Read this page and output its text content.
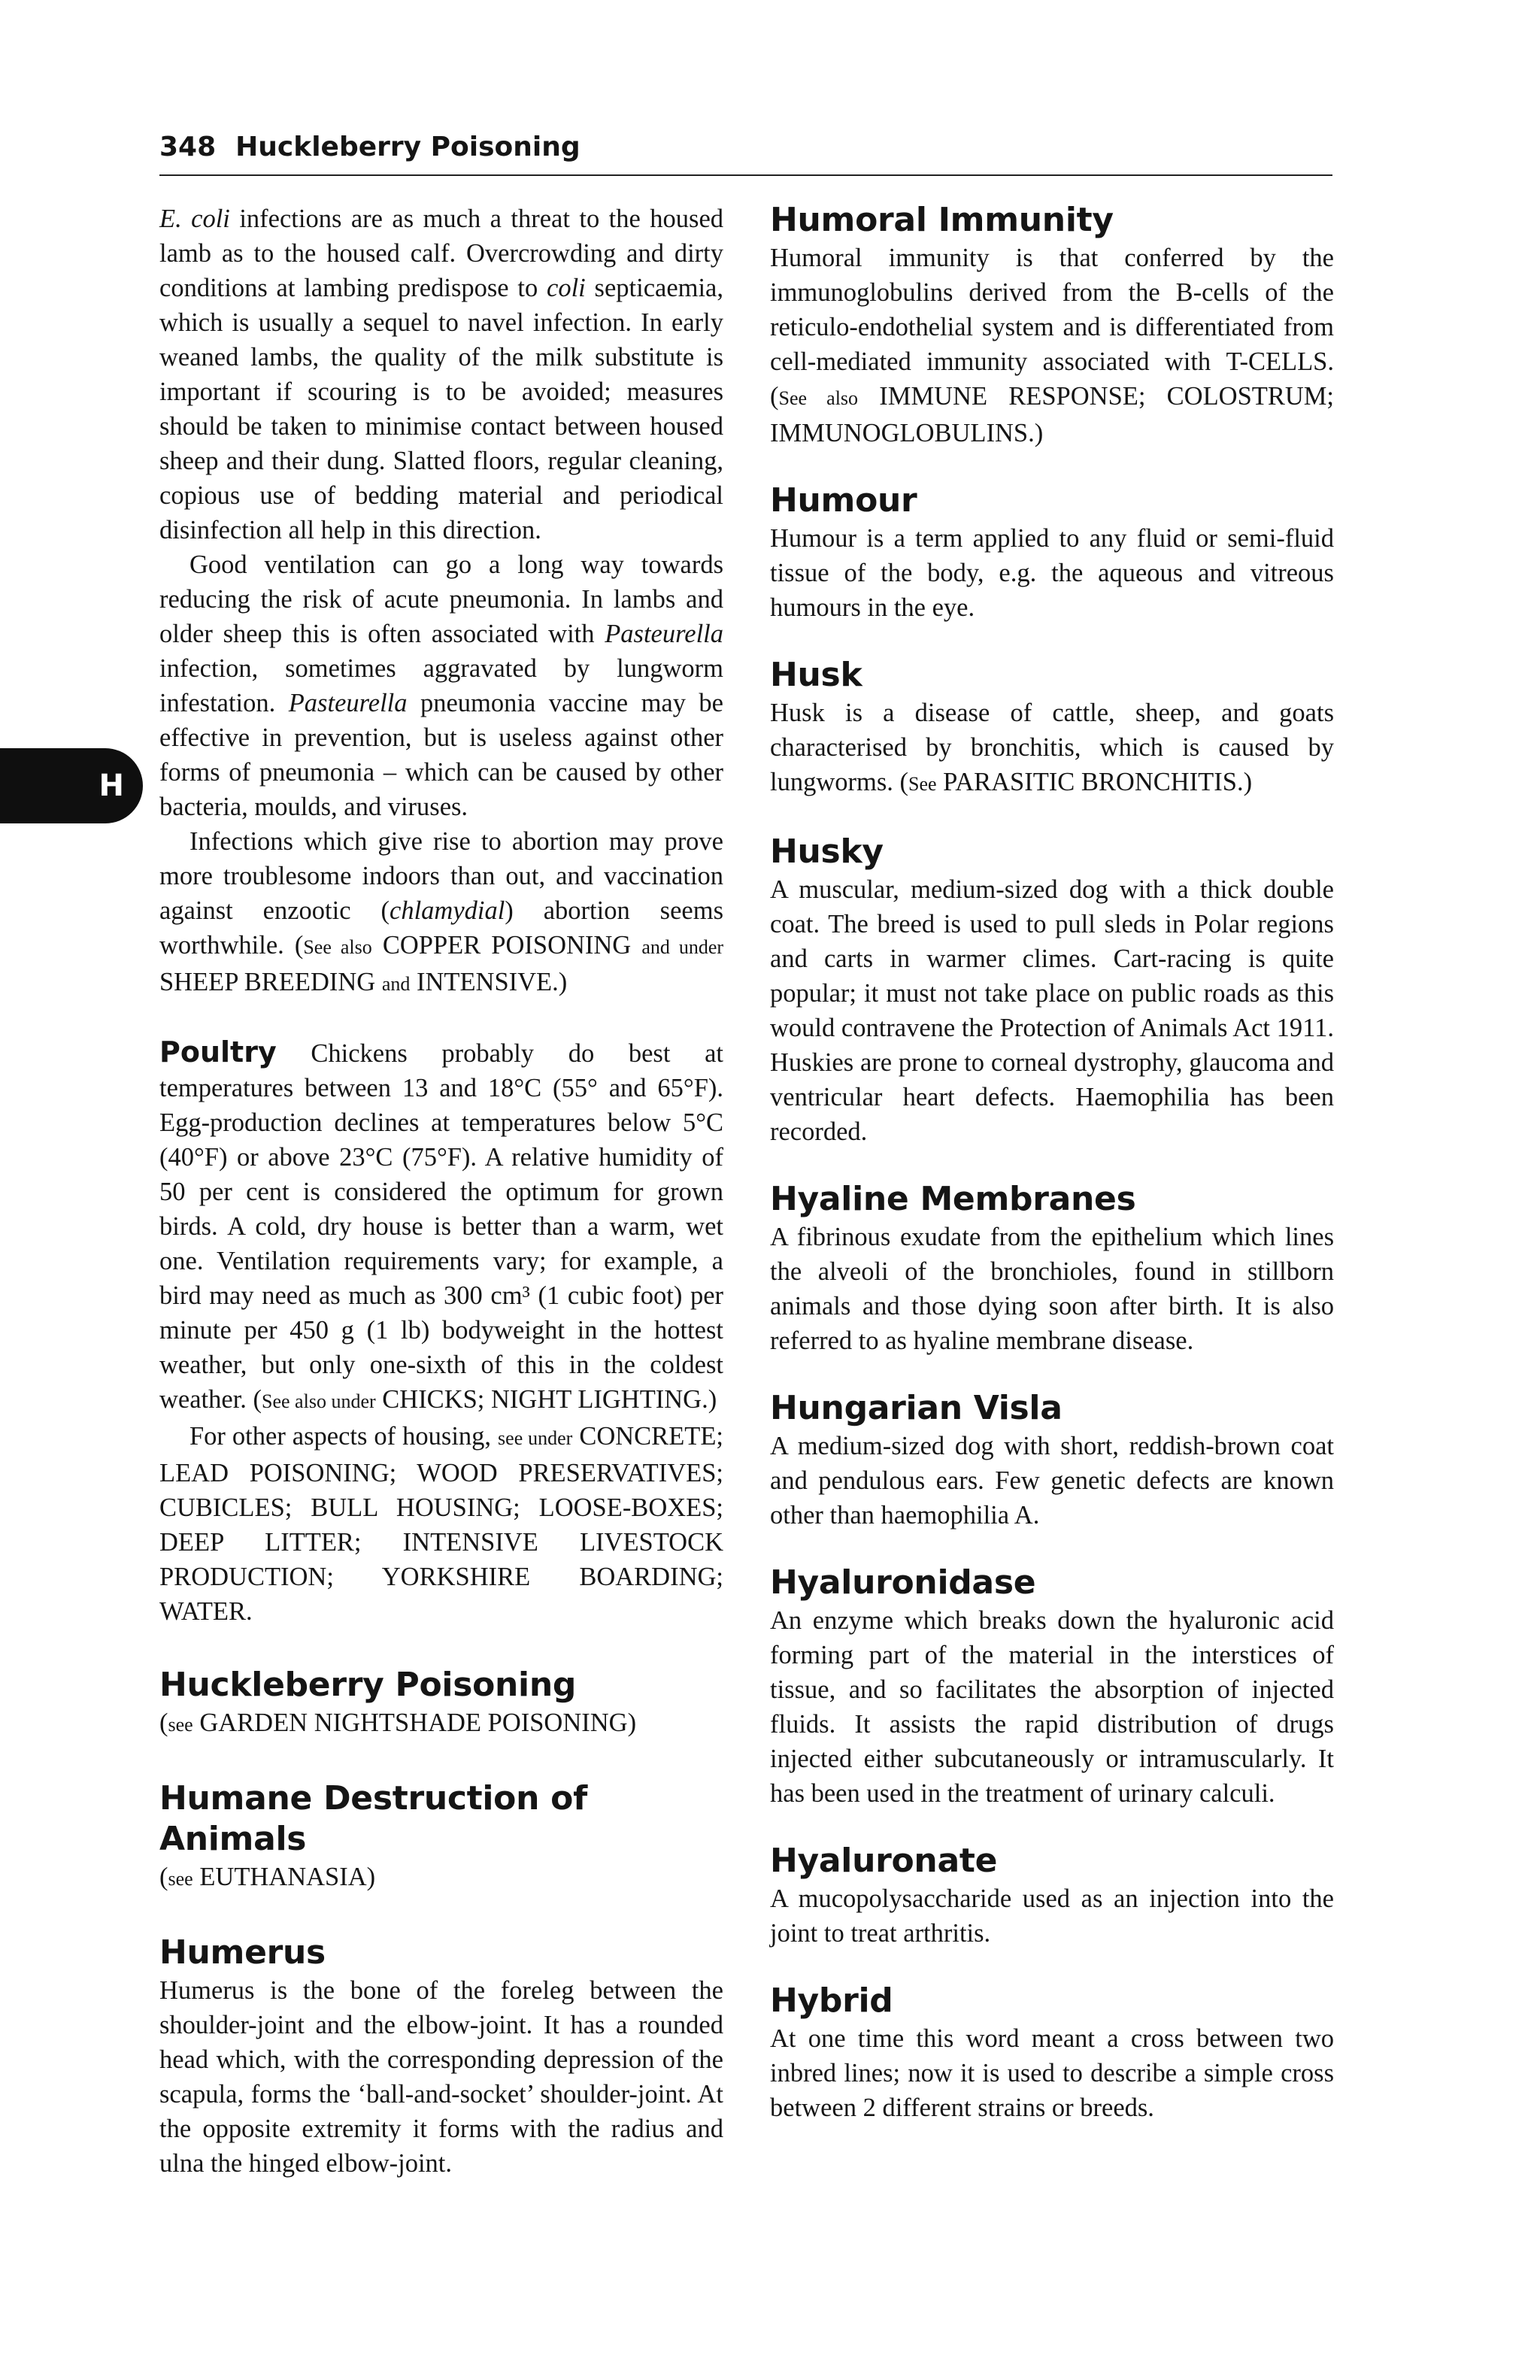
348 Huckleberry Poisoning
H

E. coli infections are as much a threat to the housed lamb as to the housed calf. Overcrowding and dirty conditions at lambing predispose to coli septicaemia, which is usually a sequel to navel infection. In early weaned lambs, the quality of the milk substitute is important if scouring is to be avoided; measures should be taken to minimise contact between housed sheep and their dung. Slatted floors, regular cleaning, copious use of bedding material and periodical disinfection all help in this direction.

Good ventilation can go a long way towards reducing the risk of acute pneumonia. In lambs and older sheep this is often associated with Pasteurella infection, sometimes aggravated by lungworm infestation. Pasteurella pneumonia vaccine may be effective in prevention, but is useless against other forms of pneumonia – which can be caused by other bacteria, moulds, and viruses.

Infections which give rise to abortion may prove more troublesome indoors than out, and vaccination against enzootic (chlamydial) abortion seems worthwhile. (See also COPPER POISONING and under SHEEP BREEDING and INTENSIVE.)

Poultry Chickens probably do best at temperatures between 13 and 18°C (55° and 65°F). Egg-production declines at temperatures below 5°C (40°F) or above 23°C (75°F). A relative humidity of 50 per cent is considered the optimum for grown birds. A cold, dry house is better than a warm, wet one. Ventilation requirements vary; for example, a bird may need as much as 300 cm³ (1 cubic foot) per minute per 450 g (1 lb) bodyweight in the hottest weather, but only one-sixth of this in the coldest weather. (See also under CHICKS; NIGHT LIGHTING.)

For other aspects of housing, see under CONCRETE; LEAD POISONING; WOOD PRESERVATIVES; CUBICLES; BULL HOUSING; LOOSE-BOXES; DEEP LITTER; INTENSIVE LIVESTOCK PRODUCTION; YORKSHIRE BOARDING; WATER.

Huckleberry Poisoning

(see GARDEN NIGHTSHADE POISONING)

Humane Destruction of Animals

(see EUTHANASIA)

Humerus

Humerus is the bone of the foreleg between the shoulder-joint and the elbow-joint. It has a rounded head which, with the corresponding depression of the scapula, forms the ‘ball-and-socket’ shoulder-joint. At the opposite extremity it forms with the radius and ulna the hinged elbow-joint.

Humoral Immunity

Humoral immunity is that conferred by the immunoglobulins derived from the B-cells of the reticulo-endothelial system and is differentiated from cell-mediated immunity associated with T-CELLS. (See also IMMUNE RESPONSE; COLOSTRUM; IMMUNOGLOBULINS.)

Humour

Humour is a term applied to any fluid or semi-fluid tissue of the body, e.g. the aqueous and vitreous humours in the eye.

Husk

Husk is a disease of cattle, sheep, and goats characterised by bronchitis, which is caused by lungworms. (See PARASITIC BRONCHITIS.)

Husky

A muscular, medium-sized dog with a thick double coat. The breed is used to pull sleds in Polar regions and carts in warmer climes. Cart-racing is quite popular; it must not take place on public roads as this would contravene the Protection of Animals Act 1911. Huskies are prone to corneal dystrophy, glaucoma and ventricular heart defects. Haemophilia has been recorded.

Hyaline Membranes

A fibrinous exudate from the epithelium which lines the alveoli of the bronchioles, found in stillborn animals and those dying soon after birth. It is also referred to as hyaline membrane disease.

Hungarian Visla

A medium-sized dog with short, reddish-brown coat and pendulous ears. Few genetic defects are known other than haemophilia A.

Hyaluronidase

An enzyme which breaks down the hyaluronic acid forming part of the material in the interstices of tissue, and so facilitates the absorption of injected fluids. It assists the rapid distribution of drugs injected either subcutaneously or intramuscularly. It has been used in the treatment of urinary calculi.

Hyaluronate

A mucopolysaccharide used as an injection into the joint to treat arthritis.

Hybrid

At one time this word meant a cross between two inbred lines; now it is used to describe a simple cross between 2 different strains or breeds.
